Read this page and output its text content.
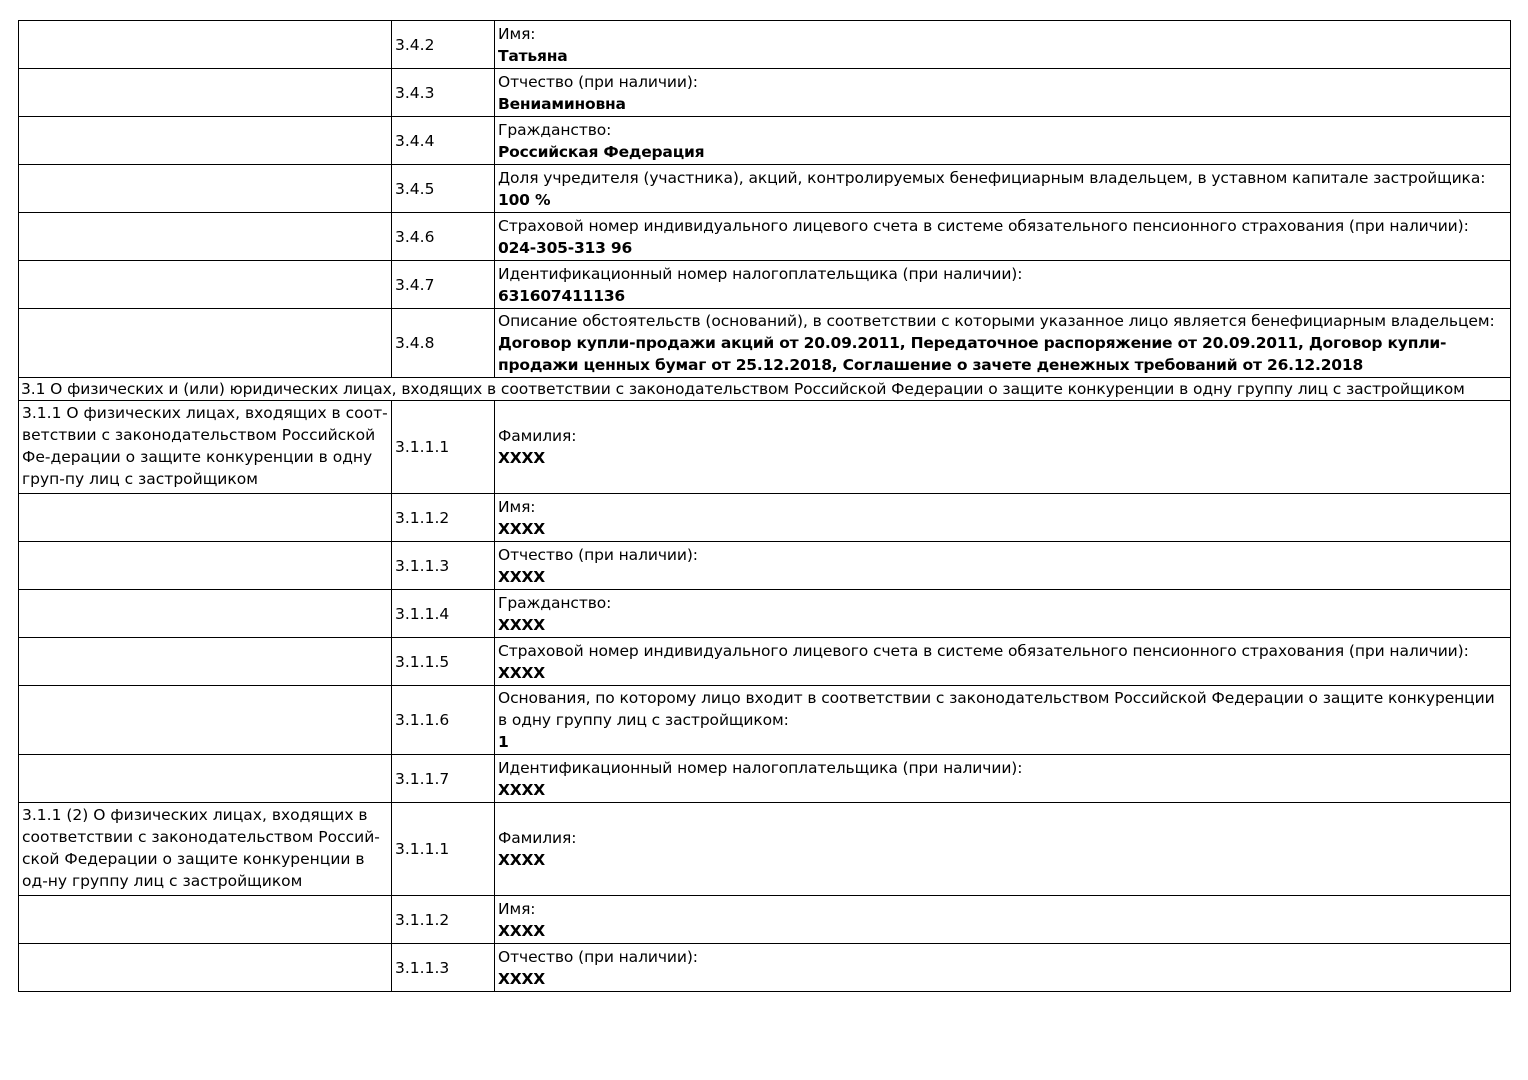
	3.4.2	Имя:
Татьяна

	3.4.3	Отчество (при наличии):
Вениаминовна

	3.4.4	Гражданство:
Российская Федерация

	3.4.5	Доля учредителя (участника), акций, контролируемых бенефициарным владельцем, в уставном капитале застройщика:
100 %

	3.4.6	Страховой номер индивидуального лицевого счета в системе обязательного пенсионного страхования (при наличии):
024-305-313 96

	3.4.7	Идентификационный номер налогоплательщика (при наличии):
631607411136

	3.4.8	Описание обстоятельств (оснований), в соответствии с которыми указанное лицо является бенефициарным владельцем:
Договор купли-продажи акций от 20.09.2011, Передаточное распоряжение от 20.09.2011, Договор купли-продажи ценных бумаг от 25.12.2018, Соглашение о зачете денежных требований от 26.12.2018

3.1 О физических и (или) юридических лицах, входящих в соответствии с законодательством Российской Федерации о защите конкуренции в одну группу лиц с застройщиком		
3.1.1 О физических лицах, входящих в соот-ветствии с законодательством Российской Фе-дерации о защите конкуренции в одну груп-пу лиц с застройщиком	3.1.1.1	Фамилия:
ХХХХ

	3.1.1.2	Имя:
ХХХХ

	3.1.1.3	Отчество (при наличии):
ХХХХ

	3.1.1.4	Гражданство:
ХХХХ

	3.1.1.5	Страховой номер индивидуального лицевого счета в системе обязательного пенсионного страхования (при наличии):
ХХХХ

	3.1.1.6	Основания, по которому лицо входит в соответствии с законодательством Российской Федерации о защите конкуренции в одну группу лиц с застройщиком:
1

	3.1.1.7	Идентификационный номер налогоплательщика (при наличии):
ХХХХ

3.1.1 (2) О физических лицах, входящих в соответствии с законодательством Россий-ской Федерации о защите конкуренции в од-ну группу лиц с застройщиком	3.1.1.1	Фамилия:
ХХХХ

	3.1.1.2	Имя:
ХХХХ

	3.1.1.3	Отчество (при наличии):
ХХХХ
